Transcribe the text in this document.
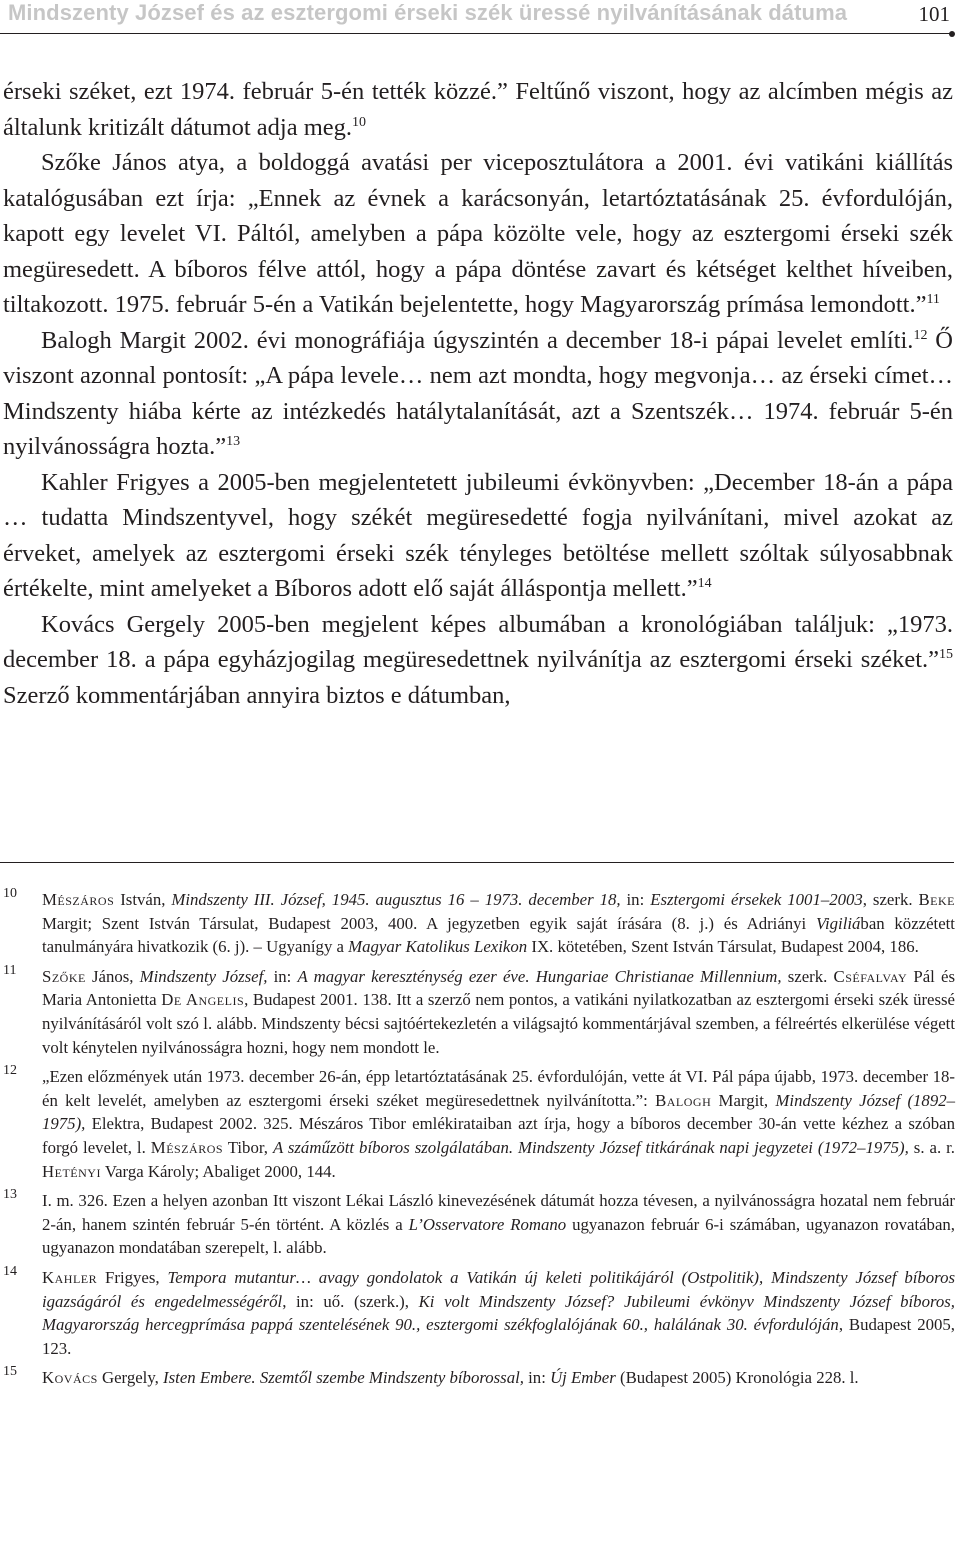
Mindszenty József és az esztergomi érseki szék üressé nyilvánításának dátuma	101

érseki széket, ezt 1974. február 5-én tették közzé.” Feltűnő viszont, hogy az alcímben mégis az általunk kritizált dátumot adja meg.$^{10}$

Szőke János atya, a boldoggá avatási per viceposztulátora a 2001. évi vatikáni kiállítás katalógusában ezt írja: „Ennek az évnek a karácsonyán, letartóztatásának 25. évfordulóján, kapott egy levelet VI. Páltól, amelyben a pápa közölte vele, hogy az esztergomi érseki szék megüresedett. A bíboros félve attól, hogy a pápa döntése zavart és kétséget kelthet híveiben, tiltakozott. 1975. február 5-én a Vatikán bejelentette, hogy Magyarország prímása lemondott.”$^{11}$

Balogh Margit 2002. évi monográfiája úgyszintén a december 18-i pápai levelet említi.$^{12}$ Ő viszont azonnal pontosít: „A pápa levele… nem azt mondta, hogy megvonja… az érseki címet… Mindszenty hiába kérte az intézkedés hatálytalanítását, azt a Szentszék… 1974. február 5-én nyilvánosságra hozta.”$^{13}$

Kahler Frigyes a 2005-ben megjelentetett jubileumi évkönyvben: „December 18-án a pápa … tudatta Mindszentyvel, hogy székét megüresedetté fogja nyilvánítani, mivel azokat az érveket, amelyek az esztergomi érseki szék tényleges betöltése mellett szóltak súlyosabbnak értékelte, mint amelyeket a Bíboros adott elő saját álláspontja mellett.”$^{14}$

Kovács Gergely 2005-ben megjelent képes albumában a kronológiában találjuk: „1973. december 18. a pápa egyházjogilag megüresedettnek nyilvánítja az esztergomi érseki széket.”$^{15}$ Szerző kommentárjában annyira biztos e dátumban,

10 Mészáros István, Mindszenty III. József, 1945. augusztus 16 – 1973. december 18, in: Esztergomi érsekek 1001–2003, szerk. Beke Margit; Szent István Társulat, Budapest 2003, 400. A jegyzetben egyik saját írására (8. j.) és Adriányi Vigiliában közzétett tanulmányára hivatkozik (6. j). – Ugyanígy a Magyar Katolikus Lexikon IX. kötetében, Szent István Társulat, Budapest 2004, 186.
11 Szőke János, Mindszenty József, in: A magyar kereszténység ezer éve. Hungariae Christianae Millennium, szerk. Cséfalvay Pál és Maria Antonietta De Angelis, Budapest 2001. 138. Itt a szerző nem pontos, a vatikáni nyilatkozatban az esztergomi érseki szék üressé nyilvánításáról volt szó l. alább. Mindszenty bécsi sajtóértekezletén a világsajtó kommentárjával szemben, a félreértés elkerülése végett volt kénytelen nyilvánosságra hozni, hogy nem mondott le.
12 „Ezen előzmények után 1973. december 26-án, épp letartóztatásának 25. évfordulóján, vette át VI. Pál pápa újabb, 1973. december 18-én kelt levelét, amelyben az esztergomi érseki széket megüresedettnek nyilvánította.”: Balogh Margit, Mindszenty József (1892–1975), Elektra, Budapest 2002. 325. Mészáros Tibor emlékirataiban azt írja, hogy a bíboros december 30-án vette kézhez a szóban forgó levelet, l. Mészáros Tibor, A száműzött bíboros szolgálatában. Mindszenty József titkárának napi jegyzetei (1972–1975), s. a. r. Hetényi Varga Károly; Abaliget 2000, 144.
13 I. m. 326. Ezen a helyen azonban Itt viszont Lékai László kinevezésének dátumát hozza tévesen, a nyilvánosságra hozatal nem február 2-án, hanem szintén február 5-én történt. A közlés a L’Osservatore Romano ugyanazon február 6-i számában, ugyanazon rovatában, ugyanazon mondatában szerepelt, l. alább.
14 Kahler Frigyes, Tempora mutantur… avagy gondolatok a Vatikán új keleti politikájáról (Ostpolitik), Mindszenty József bíboros igazságáról és engedelmességéről, in: uő. (szerk.), Ki volt Mindszenty József? Jubileumi évkönyv Mindszenty József bíboros, Magyarország hercegprímása pappá szentelésének 90., esztergomi székfoglalójának 60., halálának 30. évfordulóján, Budapest 2005, 123.
15 Kovács Gergely, Isten Embere. Szemtől szembe Mindszenty bíborossal, in: Új Ember (Budapest 2005) Kronológia 228. l.
